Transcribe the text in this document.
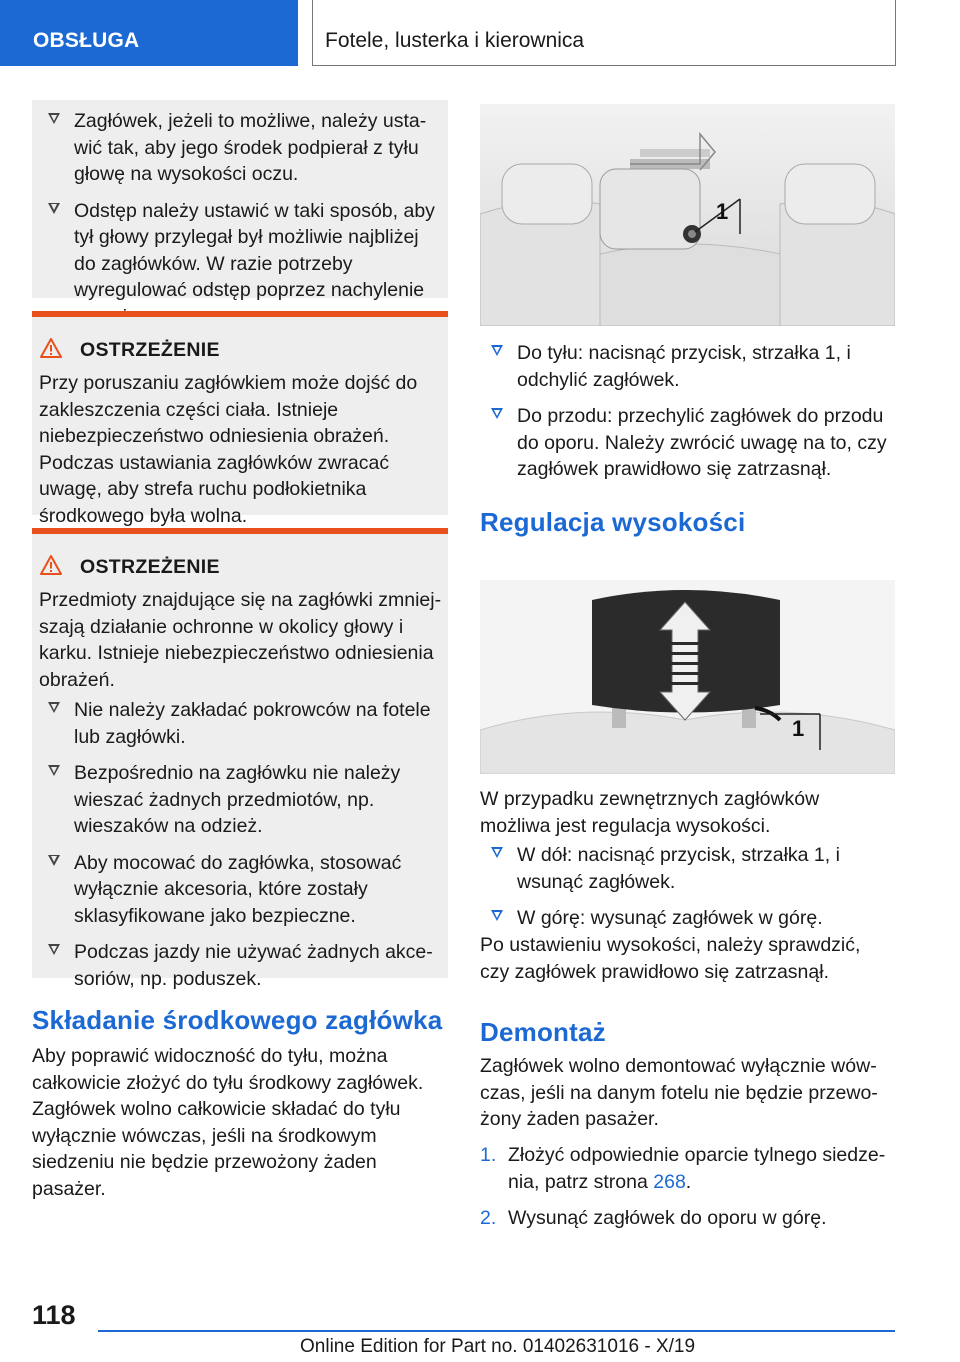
OBSŁUGA	Fotele, lusterka i kierownica
Zagłówek, jeżeli to możliwe, należy ustawić tak, aby jego środek podpierał z tyłu głowę na wysokości oczu.
Odstęp należy ustawić w taki sposób, aby tył głowy przylegał był możliwie najbliżej do zagłówków. W razie potrzeby wyregulować odstęp poprzez nachylenie
OSTRZEŻENIE
Przy poruszaniu zagłówkiem może dojść do zakleszczenia części ciała. Istnieje niebezpieczeństwo odniesienia obrażeń. Podczas ustawiania zagłówków zwracać uwagę, aby strefa ruchu podłokietnika środkowego była wolna.
OSTRZEŻENIE
Przedmioty znajdujące się na zagłówki zmniejszają działanie ochronne w okolicy głowy i karku. Istnieje niebezpieczeństwo odniesienia obrażeń.
Nie należy zakładać pokrowców na fotele lub zagłówki.
Bezpośrednio na zagłówku nie należy wieszać żadnych przedmiotów, np. wieszaków na odzież.
Aby mocować do zagłówka, stosować wyłącznie akcesoria, które zostały sklasyfikowane jako bezpieczne.
Podczas jazdy nie używać żadnych akcesoriów, np. poduszek.
Składanie środkowego zagłówka
Aby poprawić widoczność do tyłu, można całkowicie złożyć do tyłu środkowy zagłówek. Zagłówek wolno całkowicie składać do tyłu wyłącznie wówczas, jeśli na środkowym siedzeniu nie będzie przewożony żaden pasażer.
1
Do tyłu: nacisnąć przycisk, strzałka 1, i odchylić zagłówek.
Do przodu: przechylić zagłówek do przodu do oporu. Należy zwrócić uwagę na to, czy zagłówek prawidłowo się zatrzasnął.
Regulacja wysokości
1
W przypadku zewnętrznych zagłówków możliwa jest regulacja wysokości.
W dół: nacisnąć przycisk, strzałka 1, i wsunąć zagłówek.
W górę: wysunąć zagłówek w górę.
Po ustawieniu wysokości, należy sprawdzić, czy zagłówek prawidłowo się zatrzasnął.
Demontaż
Zagłówek wolno demontować wyłącznie wówczas, jeśli na danym fotelu nie będzie przewożony żaden pasażer.
1. Złożyć odpowiednie oparcie tylnego siedzenia, patrz strona 268.
2. Wysunąć zagłówek do oporu w górę.
118
Online Edition for Part no. 01402631016 - X/19
